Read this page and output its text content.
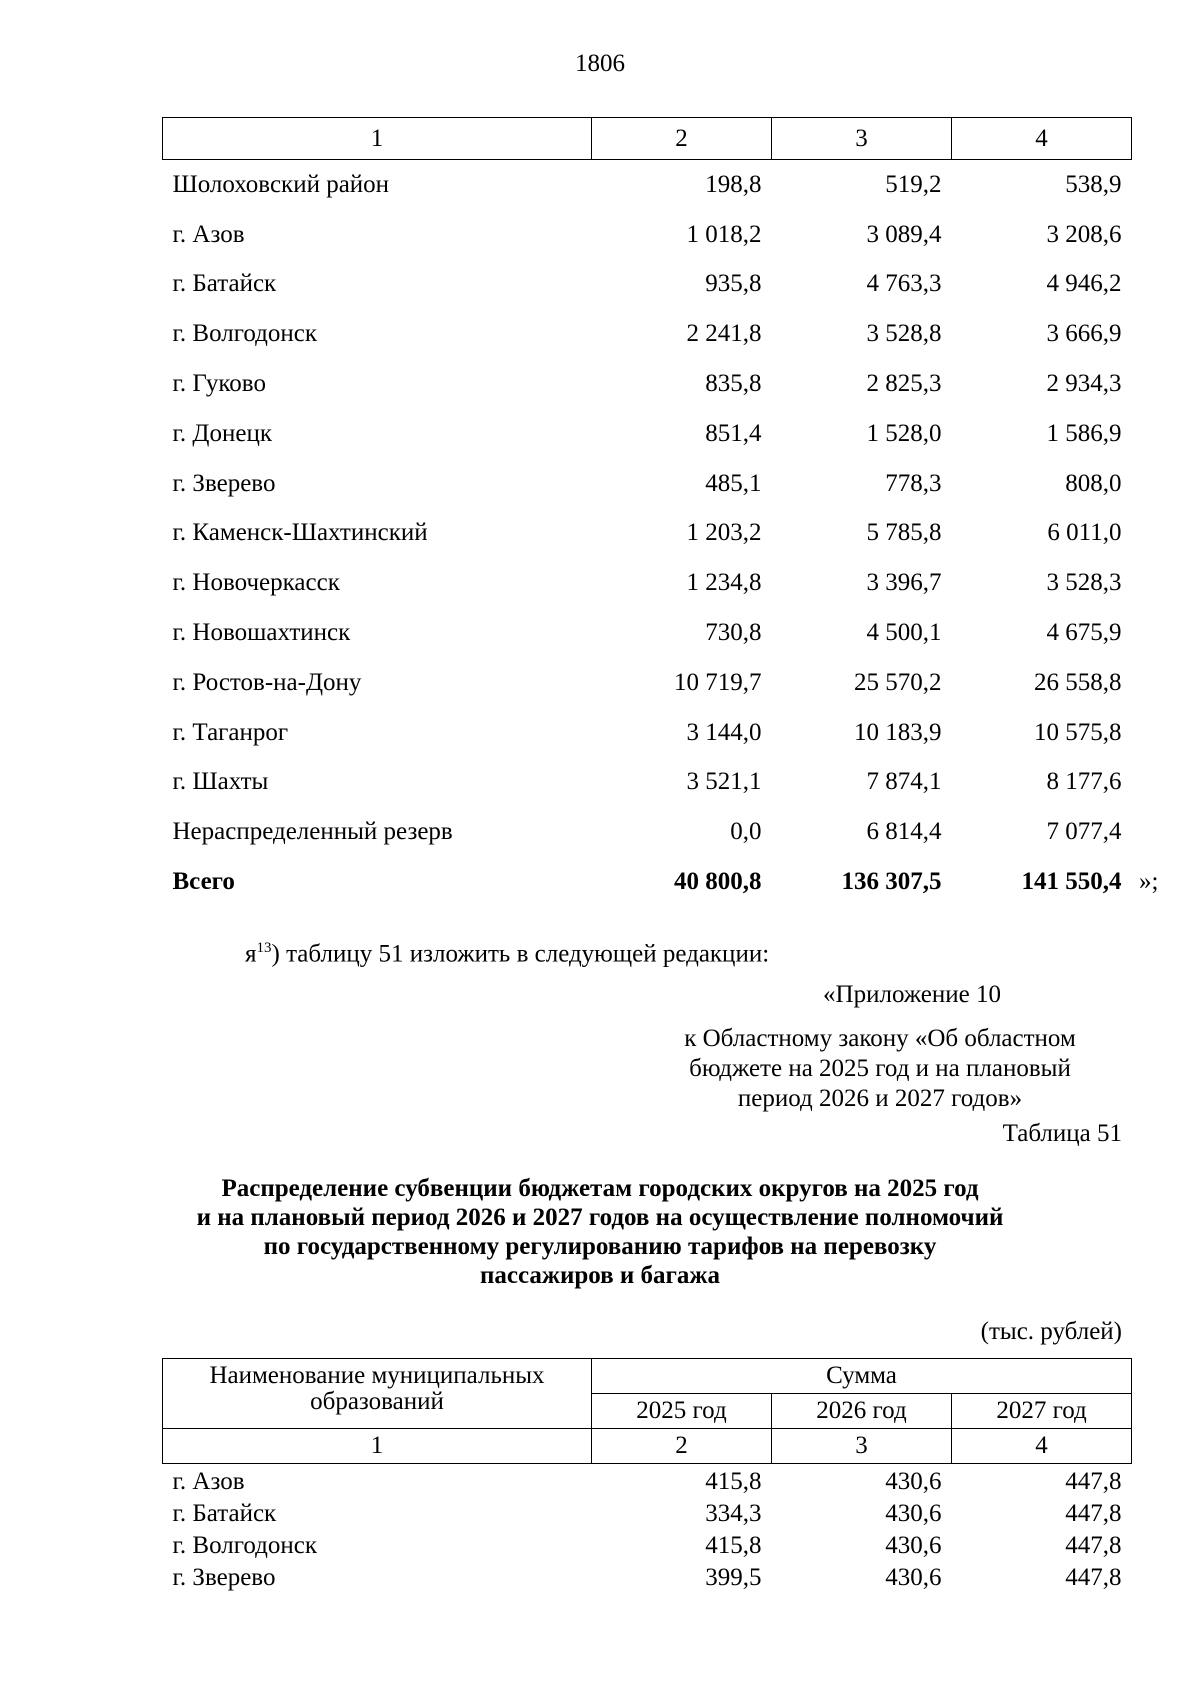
1806
1	2	3	4
Шолоховский район	198,8	519,2	538,9
г. Азов	1 018,2	3 089,4	3 208,6
г. Батайск	935,8	4 763,3	4 946,2
г. Волгодонск	2 241,8	3 528,8	3 666,9
г. Гуково	835,8	2 825,3	2 934,3
г. Донецк	851,4	1 528,0	1 586,9
г. Зверево	485,1	778,3	808,0
г. Каменск-Шахтинский	1 203,2	5 785,8	6 011,0
г. Новочеркасск	1 234,8	3 396,7	3 528,3
г. Новошахтинск	730,8	4 500,1	4 675,9
г. Ростов-на-Дону	10 719,7	25 570,2	26 558,8
г. Таганрог	3 144,0	10 183,9	10 575,8
г. Шахты	3 521,1	7 874,1	8 177,6
Нераспределенный резерв	0,0	6 814,4	7 077,4
Всего	40 800,8	136 307,5	141 550,4 »;
$я^{13}$) таблицу 51 изложить в следующей редакции:
«Приложение 10
к Областному закону «Об областном
бюджете на 2025 год и на плановый
период 2026 и 2027 годов»
Таблица 51
Распределение субвенции бюджетам городских округов на 2025 год
и на плановый период 2026 и 2027 годов на осуществление полномочий
по государственному регулированию тарифов на перевозку
пассажиров и багажа
(тыс. рублей)
Наименование муниципальных образований	Сумма		
	2025 год	2026 год	2027 год
1	2	3	4
г. Азов	415,8	430,6	447,8
г. Батайск	334,3	430,6	447,8
г. Волгодонск	415,8	430,6	447,8
г. Зверево	399,5	430,6	447,8
